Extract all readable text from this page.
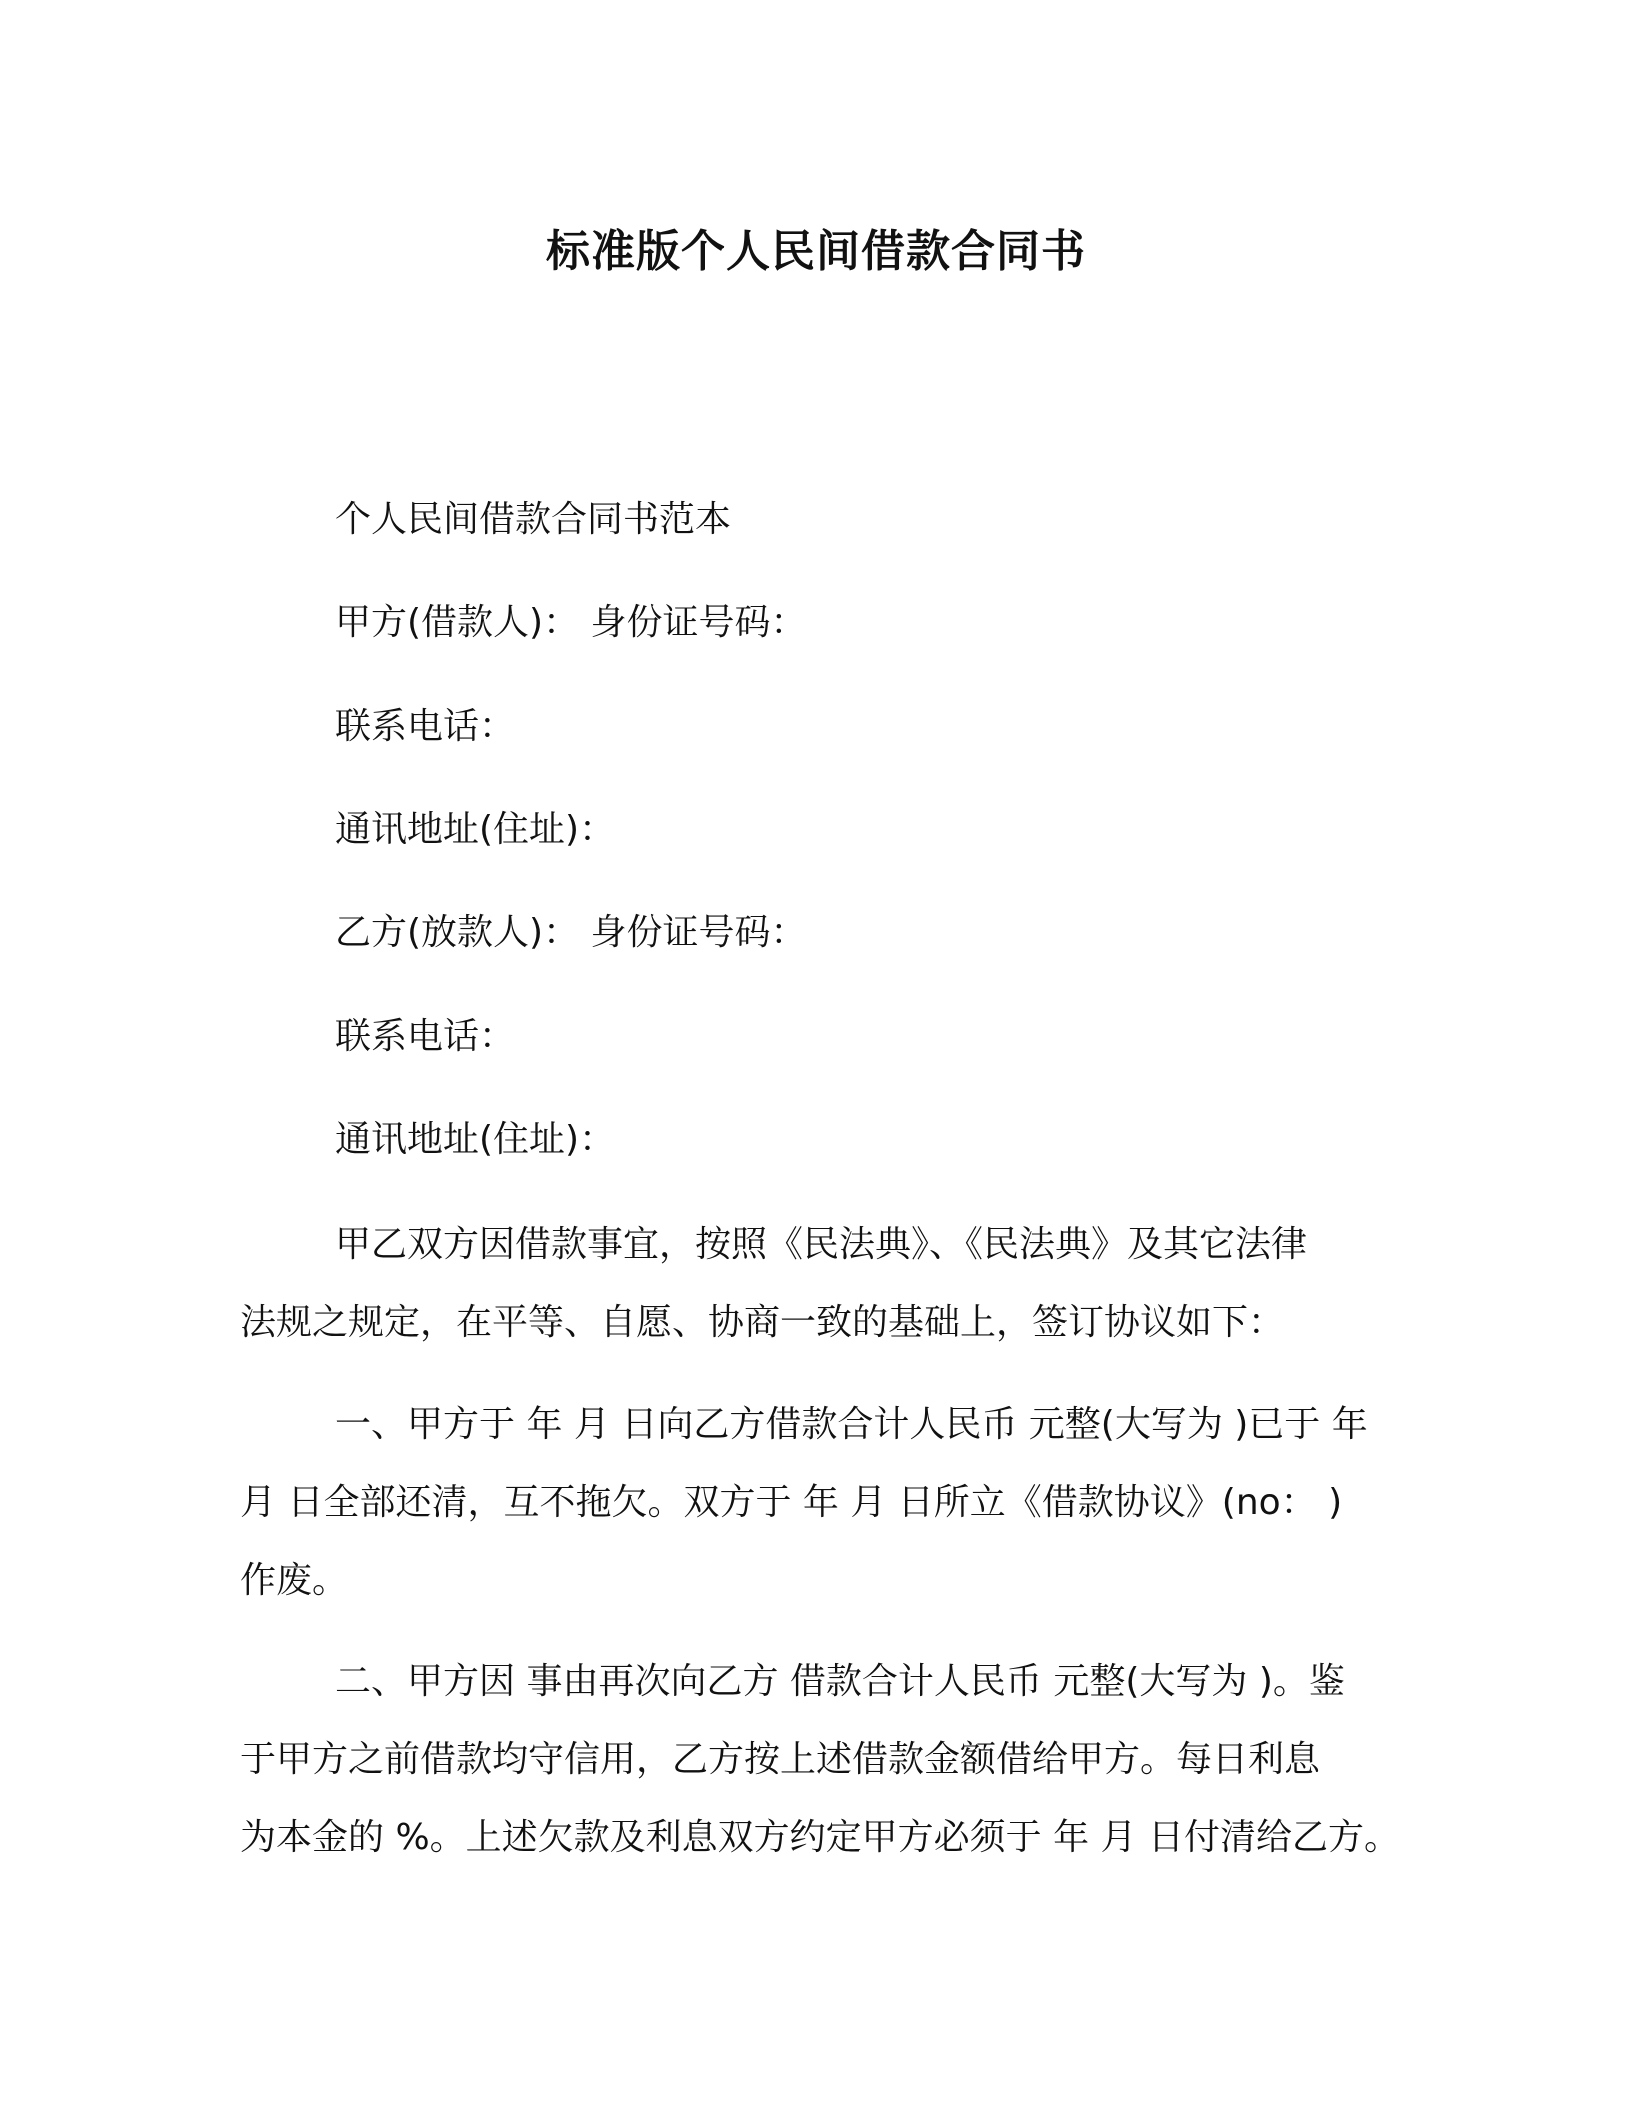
标准版个人民间借款合同书
个人民间借款合同书范本
甲方(借款人)： 身份证号码：
联系电话：
通讯地址(住址)：
乙方(放款人)： 身份证号码：
联系电话：
通讯地址(住址)：
甲乙双方因借款事宜，按照《民法典》、《民法典》及其它法律
法规之规定，在平等、自愿、协商一致的基础上，签订协议如下：
一、甲方于 年 月 日向乙方借款合计人民币 元整(大写为 )已于 年
月 日全部还清，互不拖欠。双方于 年 月 日所立《借款协议》(no： )
作废。
二、甲方因 事由再次向乙方 借款合计人民币 元整(大写为 )。鉴
于甲方之前借款均守信用，乙方按上述借款金额借给甲方。每日利息
为本金的 %。上述欠款及利息双方约定甲方必须于 年 月 日付清给乙方。
